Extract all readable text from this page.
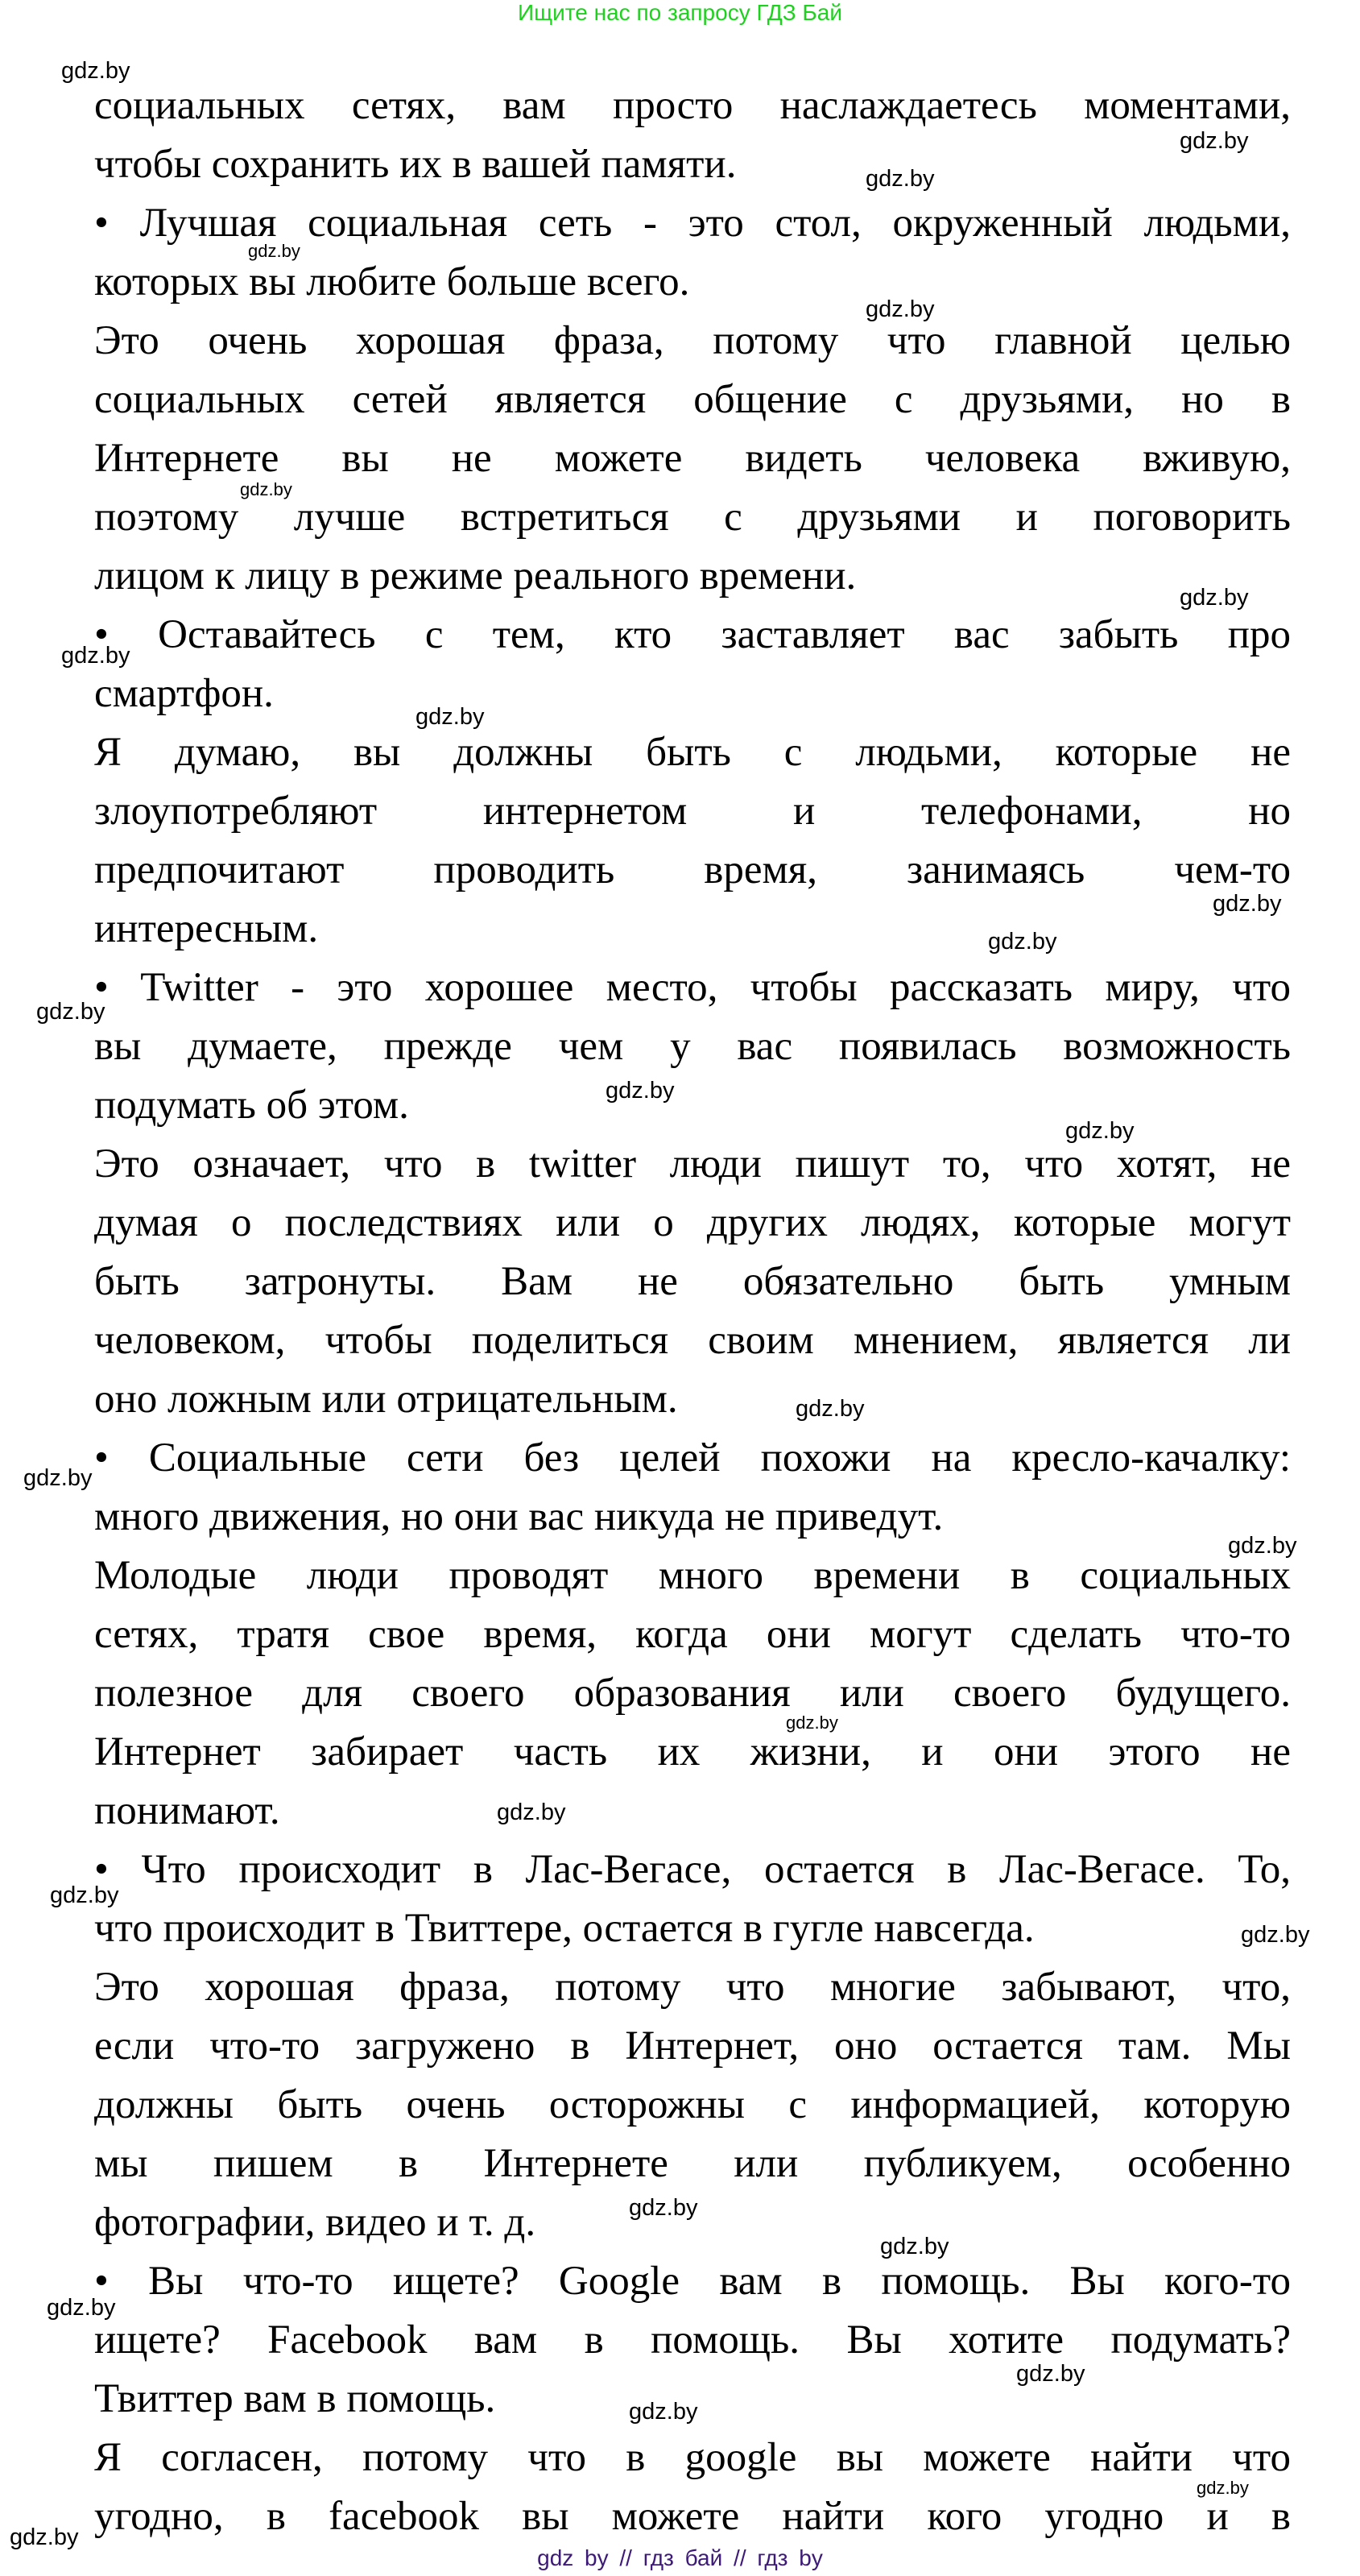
Ищите нас по запросу ГДЗ Бай
социальных сетях, вам просто наслаждаетесь моментами,
чтобы сохранить их в вашей памяти.
• Лучшая социальная сеть - это стол, окруженный людьми,
которых вы любите больше всего.
Это очень хорошая фраза, потому что главной целью
социальных сетей является общение с друзьями, но в
Интернете вы не можете видеть человека вживую,
поэтому лучше встретиться с друзьями и поговорить
лицом к лицу в режиме реального времени.
• Оставайтесь с тем, кто заставляет вас забыть про
смартфон.
Я думаю, вы должны быть с людьми, которые не
злоупотребляют интернетом и телефонами, но
предпочитают проводить время, занимаясь чем-то
интересным.
• Twitter - это хорошее место, чтобы рассказать миру, что
вы думаете, прежде чем у вас появилась возможность
подумать об этом.
Это означает, что в twitter люди пишут то, что хотят, не
думая о последствиях или о других людях, которые могут
быть затронуты. Вам не обязательно быть умным
человеком, чтобы поделиться своим мнением, является ли
оно ложным или отрицательным.
• Социальные сети без целей похожи на кресло-качалку:
много движения, но они вас никуда не приведут.
Молодые люди проводят много времени в социальных
сетях, тратя свое время, когда они могут сделать что-то
полезное для своего образования или своего будущего.
Интернет забирает часть их жизни, и они этого не
понимают.
• Что происходит в Лас-Вегасе, остается в Лас-Вегасе. То,
что происходит в Твиттере, остается в гугле навсегда.
Это хорошая фраза, потому что многие забывают, что,
если что-то загружено в Интернет, оно остается там. Мы
должны быть очень осторожны с информацией, которую
мы пишем в Интернете или публикуем, особенно
фотографии, видео и т. д.
• Вы что-то ищете? Google вам в помощь. Вы кого-то
ищете? Facebook вам в помощь. Вы хотите подумать?
Твиттер вам в помощь.
Я согласен, потому что в google вы можете найти что
угодно, в facebook вы можете найти кого угодно и в
gdz.by
gdz.by
gdz.by
gdz.by
gdz.by
gdz.by
gdz.by
gdz.by
gdz.by
gdz.by
gdz.by
gdz.by
gdz.by
gdz.by
gdz.by
gdz.by
gdz.by
gdz.by
gdz.by
gdz.by
gdz.by
gdz.by
gdz.by
gdz.by
gdz.by
gdz.by
gdz.by
gdz.by
gdz by // гдз бай // гдз by
